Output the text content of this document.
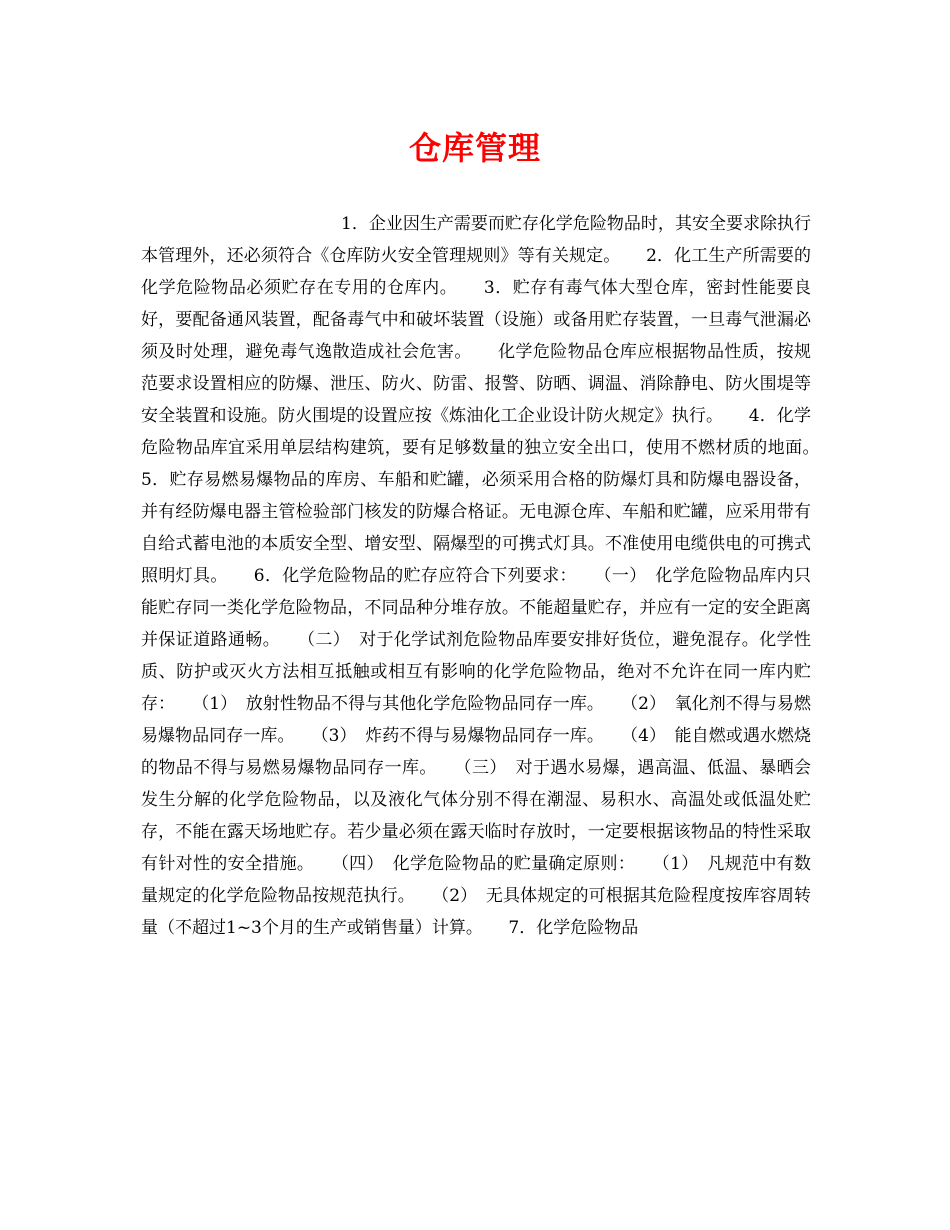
仓库管理

1．企业因生产需要而贮存化学危险物品时，其安全要求除执行本管理外，还必须符合《仓库防火安全管理规则》等有关规定。　　2．化工生产所需要的化学危险物品必须贮存在专用的仓库内。　　3．贮存有毒气体大型仓库，密封性能要良好，要配备通风装置，配备毒气中和破坏装置（设施）或备用贮存装置，一旦毒气泄漏必须及时处理，避免毒气逸散造成社会危害。　　化学危险物品仓库应根据物品性质，按规范要求设置相应的防爆、泄压、防火、防雷、报警、防晒、调温、消除静电、防火围堤等安全装置和设施。防火围堤的设置应按《炼油化工企业设计防火规定》执行。　　4．化学危险物品库宜采用单层结构建筑，要有足够数量的独立安全出口，使用不燃材质的地面。　　5．贮存易燃易爆物品的库房、车船和贮罐，必须采用合格的防爆灯具和防爆电器设备，并有经防爆电器主管检验部门核发的防爆合格证。无电源仓库、车船和贮罐，应采用带有自给式蓄电池的本质安全型、增安型、隔爆型的可携式灯具。不准使用电缆供电的可携式照明灯具。　　6．化学危险物品的贮存应符合下列要求：　　（一）　化学危险物品库内只能贮存同一类化学危险物品，不同品种分堆存放。不能超量贮存，并应有一定的安全距离并保证道路通畅。　　（二）　对于化学试剂危险物品库要安排好货位，避免混存。化学性质、防护或灭火方法相互抵触或相互有影响的化学危险物品，绝对不允许在同一库内贮存：　　（1）　放射性物品不得与其他化学危险物品同存一库。　　（2）　氧化剂不得与易燃易爆物品同存一库。　　（3）　炸药不得与易爆物品同存一库。　　（4）　能自燃或遇水燃烧的物品不得与易燃易爆物品同存一库。　　（三）　对于遇水易爆，遇高温、低温、暴晒会发生分解的化学危险物品，以及液化气体分别不得在潮湿、易积水、高温处或低温处贮存，不能在露天场地贮存。若少量必须在露天临时存放时，一定要根据该物品的特性采取有针对性的安全措施。　　（四）　化学危险物品的贮量确定原则：　　（1）　凡规范中有数量规定的化学危险物品按规范执行。　　（2）　无具体规定的可根据其危险程度按库容周转量（不超过1~3个月的生产或销售量）计算。　　7．化学危险物品
